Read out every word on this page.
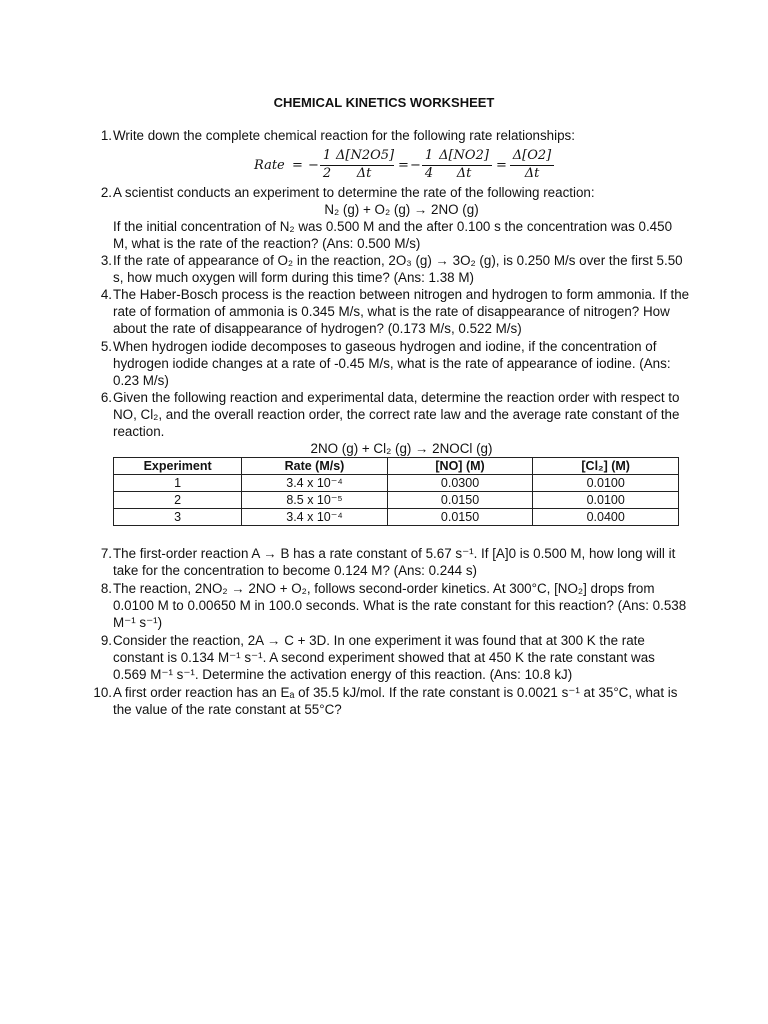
CHEMICAL KINETICS WORKSHEET
1. Write down the complete chemical reaction for the following rate relationships:
Rate = − $\frac{1}{2} \frac{\Delta[N2O5]}{\Delta t}$ = − $\frac{1}{4} \frac{\Delta[NO2]}{\Delta t} = \frac{\Delta[O2]}{\Delta t}$
2. A scientist conducts an experiment to determine the rate of the following reaction:
N₂ (g) + O₂ (g) → 2NO (g)
If the initial concentration of N₂ was 0.500 M and the after 0.100 s the concentration was 0.450 M, what is the rate of the reaction? (Ans: 0.500 M/s)
3. If the rate of appearance of O₂ in the reaction, 2O₃ (g) → 3O₂ (g), is 0.250 M/s over the first 5.50 s, how much oxygen will form during this time? (Ans: 1.38 M)
4. The Haber-Bosch process is the reaction between nitrogen and hydrogen to form ammonia. If the rate of formation of ammonia is 0.345 M/s, what is the rate of disappearance of nitrogen? How about the rate of disappearance of hydrogen? (0.173 M/s, 0.522 M/s)
5. When hydrogen iodide decomposes to gaseous hydrogen and iodine, if the concentration of hydrogen iodide changes at a rate of -0.45 M/s, what is the rate of appearance of iodine. (Ans: 0.23 M/s)
6. Given the following reaction and experimental data, determine the reaction order with respect to NO, Cl₂, and the overall reaction order, the correct rate law and the average rate constant of the reaction.
2NO (g) + Cl₂ (g) → 2NOCl (g)
Experiment	Rate (M/s)	[NO] (M)	[Cl₂] (M)
1	3.4 x 10⁻⁴	0.0300	0.0100
2	8.5 x 10⁻⁵	0.0150	0.0100
3	3.4 x 10⁻⁴	0.0150	0.0400
7. The first-order reaction A → B has a rate constant of 5.67 s⁻¹. If [A]0 is 0.500 M, how long will it take for the concentration to become 0.124 M? (Ans: 0.244 s)
8. The reaction, 2NO₂ → 2NO + O₂, follows second-order kinetics. At 300°C, [NO₂] drops from 0.0100 M to 0.00650 M in 100.0 seconds. What is the rate constant for this reaction? (Ans: 0.538 M⁻¹ s⁻¹)
9. Consider the reaction, 2A → C + 3D. In one experiment it was found that at 300 K the rate constant is 0.134 M⁻¹ s⁻¹. A second experiment showed that at 450 K the rate constant was 0.569 M⁻¹ s⁻¹. Determine the activation energy of this reaction. (Ans: 10.8 kJ)
10. A first order reaction has an Eₐ of 35.5 kJ/mol. If the rate constant is 0.0021 s⁻¹ at 35°C, what is the value of the rate constant at 55°C?
